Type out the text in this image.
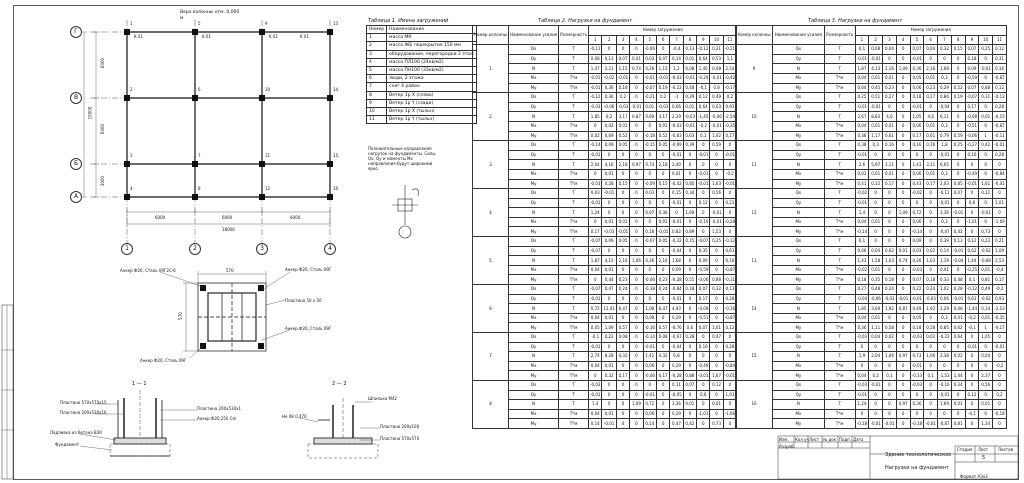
Верх колонны отм. 0,000 м
Г
В
Б
А
1	2	3	4
6000
6000
3000
15000
6000	6000	6000
18000
1	5	9	13
2	6	10	14
3	7	11	15
4	8	12	16
K 01	K 01	K 01	K 01
Таблица 1. Имена загружений
Номер	Наименование
1	масса МК
2	масса ЖБ перекрытия 150 мм
3	оборудование, перегородки 2 этаж
4	масса ПЛ100 (24кв/м2)
5	масса ПН100 (33кв/м2)
6	люди, 2 этажа
7	снег 4 район
8	Ветер 1р X (слева)
9	Ветер 1р Y (сзади)
10	Ветер 1р X (тыльн)
11	Ветер 1р Y (тыльн)
Положительные направления нагрузок на фундаменты. Силы Qx, Qy и моменты Mx направления будут широкими ярко
Анкер Ф20, Сталь 09Г2С-6	Анкер Ф20, Сталь 09Г
Анкер Ф20, Сталь 09Г
Анкер Ф20, Сталь 09Г
Пластина 50 x 50
570
570
1 — 1
Пластина 570x570x15
Пластина 200x530x16
Подливка из бетона B30
Фундамент
Пластина 200x530x1
Анкер Ф20,250 Сm
2 — 2
Шпилька М42
Пластина 200x100
Пластина 570x570
Не 08 0,470
Таблица 2. Нагрузки на фундамент
Номер колонны	Наименование усилия	Размерность	Номер загружения										
			1	2	3	4	5	6	7	8	9	10	11
1	Qx	Т	-0,11	0	0	0	-0,06	0	-0,4	0,13	-0,12	0,21	-0,21
	Qy	Т	0,08	0,13	0,07	0,01	0,03	0,07	0,14	0,01	0,64	0,53	1,1
	N	Т	1,47	2,21	1,15	0,74	0,26	1,15	1,2	0,08	1,45	0,08	2,54
	Mx	Т*м	-0,01	-0,02	-0,01	0	-0,01	-0,01	-0,03	-0,01	-0,29	-0,01	-0,42
	My	Т*м	-0,01	0,36	0,18	0	-0,07	0,19	-0,22	0,48	-0,1	0,8	-0,17
2	Qx	Т	-0,12	0,36	0,2	0	-0,21	0,2	-1	0,29	0,12	0,49	0,2
	Qy	Т	-0,03	-0,06	-0,03	-0,01	0,01	-0,03	0,06	0,01	0,64	0,03	0,93
	N	Т	1,85	8,2	3,17	0,87	0,69	3,17	2,29	-0,03	-1,45	-0,06	-2,54
	Mx	Т*м	0	0,02	0,01	0	0	0,01	-0,03	-0,01	-0,2	-0,01	-0,35
	My	Т*м	0,02	0,69	0,52	0	-0,18	0,52	-0,83	0,63	0,1	1,02	0,17
3	Qx	Т	-0,14	0,09	0,05	0	-0,15	0,05	-0,69	0,39	0	0,59	0
	Qy	Т	-0,01	0	0	0	0	0	-0,01	0	-0,01	0	-0,01
	N	Т	2,04	4,16	2,18	0,97	0,74	2,18	2,40	0	0	0	0
	Mx	Т*м	0	0,01	0	0	0	0	0,01	0	-0,01	0	-0,2
	My	Т*м	-0,03	0,28	0,15	0	-0,09	0,15	-0,42	0,85	-0,01	1,63	-0,01
4	Qx	Т	0,03	-0,01	0	0	0,03	0	0,15	0,34	0	0,56	0
	Qy	Т	-0,01	0	0	0	0	0	-0,01	0	0,12	0	0,21
	N	Т	1,24	0	0	0	0,97	0,36	0	1,69	0	-0,01	0
	Mx	Т*м	0	0,01	0,01	0	0	0,01	-0,01	0	-0,10	-0,01	-0,28
	My	Т*м	0,17	-0,03	-0,01	0	0,18	-0,01	0,82	0,89	0	1,53	0
5	Qx	Т	-0,07	0,09	0,05	0	-0,07	0,05	-0,32	0,15	-0,07	0,25	-0,12
	Qy	Т	-0,07	0	0	0	0	0	-0,04	0	0,35	0	0,61
	N	Т	1,87	4,15	2,16	1,06	0,36	2,16	1,68	0	0,09	0	0,16
	Mx	Т*м	0,04	0,01	0	0	0	0	0,09	0	-0,59	0	-0,87
	My	Т*м	0	0,44	0,23	0	-0,06	0,23	-0,28	0,51	-0,06	0,88	-0,11
6	Qx	Т	-0,07	0,47	0,24	0	-0,18	0,24	-0,84	0,18	0,07	0,32	0,13
	Qy	Т	-0,01	0	0	0	0	0	-0,01	0	0,17	0	0,28
	N	Т	0,72	12,41	6,47	0	1,08	6,47	4,93	0	-0,09	0	-0,16
	Mx	Т*м	0,04	0,01	0	0	0,08	0	0,29	0	-0,51	0	-0,87
	My	Т*м	0,05	1,09	0,57	0	-0,16	0,57	-0,76	0,6	0,07	1,01	0,12
7	Qx	Т	-0,1	0,22	0,08	0	-0,14	0,08	-0,67	0,28	0	0,47	0
	Qy	Т	-0,01	0	0	0	-0,01	0	-0,04	0	0,16	0	0,28
	N	Т	2,74	8,28	4,32	0	1,41	4,32	6,8	0	0	0	0
	Mx	Т*м	0,04	0,01	0	0	0,06	0	0,29	0	-0,49	0	-0,84
	My	Т*м	0	0,32	0,17	0	-0,06	0,17	-0,28	0,88	-0,01	1,67	-0,01
8	Qx	Т	-0,03	0	0	0	0	0	0,11	0,07	0	0,12	0
	Qy	Т	-0,01	0	0	0	-0,01	0	-0,05	0	0,6	0	1,01
	N	Т	1,4	0	0	1,09	0,72	0	3,36	0,01	0	0,01	0
	Mx	Т*м	0,04	0,01	0	0	0,06	0	0,29	0	-1,01	0	-1,66
	My	Т*м	0,14	-0,01	0	0	0,14	0	0,47	0,42	0	0,73	0
Таблица 3. Нагрузки на фундамент
Номер колонны	Наименование усилия	Размерность	Номер загружения										
			1	2	3	4	5	6	7	8	9	10	11
9	Qx	Т	0,1	0,08	0,04	0	0,07	0,04	0,32	0,15	0,07	0,25	0,12
	Qy	Т	-0,01	-0,01	0	0	-0,01	0	0	0	0,18	0	0,31
	N	Т	1,87	4,13	2,16	1,09	0,36	2,16	1,68	0	0,09	-0,01	0,16
	Mx	Т*м	0,04	0,01	0,01	0	0,05	0,01	0,3	0	-0,59	0	-0,87
	My	Т*м	0,04	0,45	0,23	0	0,06	0,23	0,29	0,52	0,07	0,88	0,12
10	Qx	Т	0,25	0,51	0,27	0	0,18	0,27	0,86	0,19	-0,07	0,31	-0,13
	Qy	Т	-0,01	-0,01	0	0	-0,01	0	-0,04	0	0,17	0	0,28
	N	Т	2,67	8,83	4,6	0	1,05	4,6	6,11	0	-0,08	0,01	-0,15
	Mx	Т*м	0,04	0,01	0,01	0	0,06	0,01	0,3	0	-0,51	0	-0,87
	My	Т*м	0,38	1,17	0,61	0	0,17	0,61	0,79	0,59	-0,06	1	-0,11
11	Qx	Т	0,38	0,3	0,16	0	0,16	0,16	1,8	0,25	-0,27	0,42	-0,01
	Qy	Т	-0,01	0	0	0	0	0	-0,01	0	0,16	0	0,28
	N	Т	2,6	5,97	3,11	0	1,43	3,11	6,65	0	0	0	0
	Mx	Т*м	0,03	0,01	0,01	0	0,06	0,01	0,3	0	-0,49	0	-0,84
	My	Т*м	0,41	0,32	0,17	0	0,43	0,17	2,03	0,85	-0,01	1,61	-0,01
12	Qx	Т	-0,02	0	0	0	-0,02	0	-0,11	0,07	0	0,12	0
	Qy	Т	-0,01	0	0	0	0	0	-0,01	0	0,6	0	1,01
	N	Т	1,4	0	0	1,09	0,72	0	3,36	-0,01	0	-0,01	0
	Mx	Т*м	0,04	0,01	0	0	0,06	0	0,3	0	-1,01	0	-1,69
	My	Т*м	-0,14	0	0	0	-0,14	0	-0,47	0,42	0	0,73	0
13	Qx	Т	0,1	0	0	0	0,09	0	0,39	0,13	0,12	0,22	0,21
	Qy	Т	0,06	0,04	0,02	0,01	0,03	0,02	0,14	-0,01	0,62	-0,02	1,09
	N	Т	1,43	1,58	1,03	0,74	0,26	1,03	1,19	-0,04	1,44	-0,08	2,53
	Mx	Т*м	-0,02	0,01	0	0	-0,03	0	0,01	0	-0,25	0,01	-0,4
	My	Т*м	0,18	0,35	0,18	0	0,07	0,18	0,33	0,48	0,1	0,81	0,17
14	Qx	Т	0,27	0,48	0,24	0	0,22	0,24	1,02	0,28	-0,12	0,49	-0,2
	Qy	Т	-0,04	-0,06	-0,03	-0,01	-0,01	-0,03	0,06	-0,01	0,63	-0,02	0,93
	N	Т	1,85	3,69	1,92	0,87	0,49	1,92	2,29	0,08	-1,44	0,14	-2,53
	Mx	Т*м	0,04	0,01	0	0	0,05	0	0,3	0,01	-0,2	0,01	-0,35
	My	Т*м	0,36	1,11	0,58	0	0,18	0,58	0,85	0,62	-0,1	1	-0,17
15	Qx	Т	-0,03	0,04	0,02	0	-0,03	0,02	-0,23	0,64	0	1,05	0
	Qy	Т	0	0	0	0	0	0	0	0	-0,01	0	-0,01
	N	Т	1,9	2,04	1,06	0,97	0,73	1,06	2,38	0,02	0	0,04	0
	Mx	Т*м	0	0	0	0	-0,01	0	0	0	0	0	-0,2
	My	Т*м	0,04	0,2	0,1	0	-0,33	0,1	-1,53	1,44	0	2,37	0
16	Qx	Т	-0,03	-0,01	0	0	-0,03	0	-0,16	0,34	0	0,56	0
	Qy	Т	-0,01	0	0	0	0	0	-0,01	0	0,12	0	0,2
	N	Т	1,24	0	0	0,97	0,36	0	1,69	0,01	0	0,01	0
	Mx	Т*м	0	0	0	0	0	0	0	0	-0,1	0	-0,18
	My	Т*м	-0,18	-0,01	-0,01	0	-0,18	-0,01	-0,87	0,81	0	1,34	0
Изм. Кол.уч Лист № док Подп. Дата
Разраб.
Здание технологическое
Нагрузки на фундамент
Стадия Лист Листов
5
Формат А3х3
